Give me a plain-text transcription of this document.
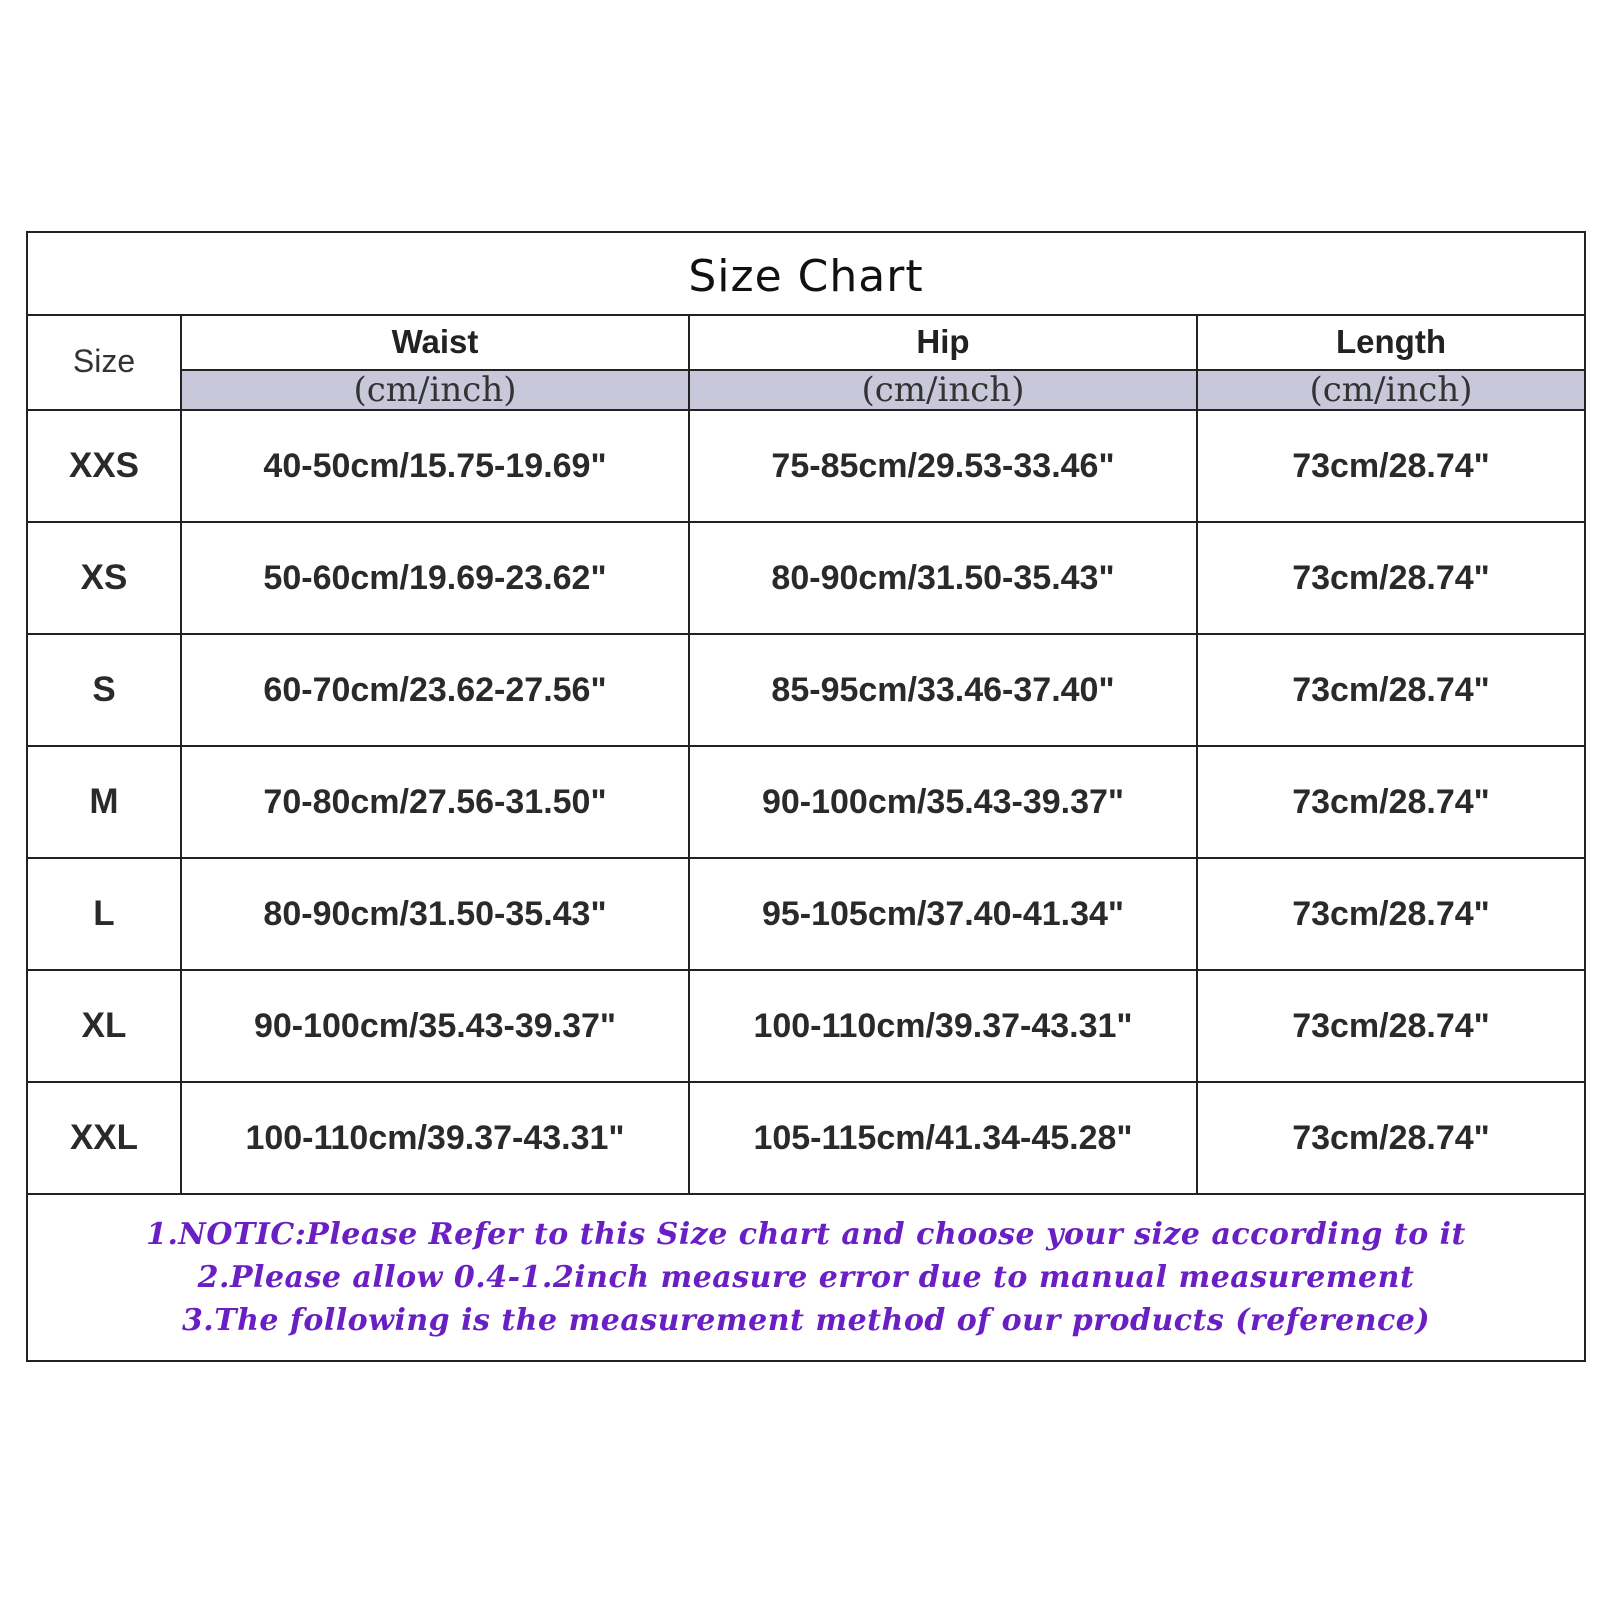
Size Chart
Size	Waist	Hip	Length
	(cm/inch)	(cm/inch)	(cm/inch)
XXS	40-50cm/15.75-19.69"	75-85cm/29.53-33.46"	73cm/28.74"
XS	50-60cm/19.69-23.62"	80-90cm/31.50-35.43"	73cm/28.74"
S	60-70cm/23.62-27.56"	85-95cm/33.46-37.40"	73cm/28.74"
M	70-80cm/27.56-31.50"	90-100cm/35.43-39.37"	73cm/28.74"
L	80-90cm/31.50-35.43"	95-105cm/37.40-41.34"	73cm/28.74"
XL	90-100cm/35.43-39.37"	100-110cm/39.37-43.31"	73cm/28.74"
XXL	100-110cm/39.37-43.31"	105-115cm/41.34-45.28"	73cm/28.74"
1.NOTIC:Please Refer to this Size chart and choose your size according to it
2.Please allow 0.4-1.2inch measure error due to manual measurement
3.The following is the measurement method of our products (reference)
